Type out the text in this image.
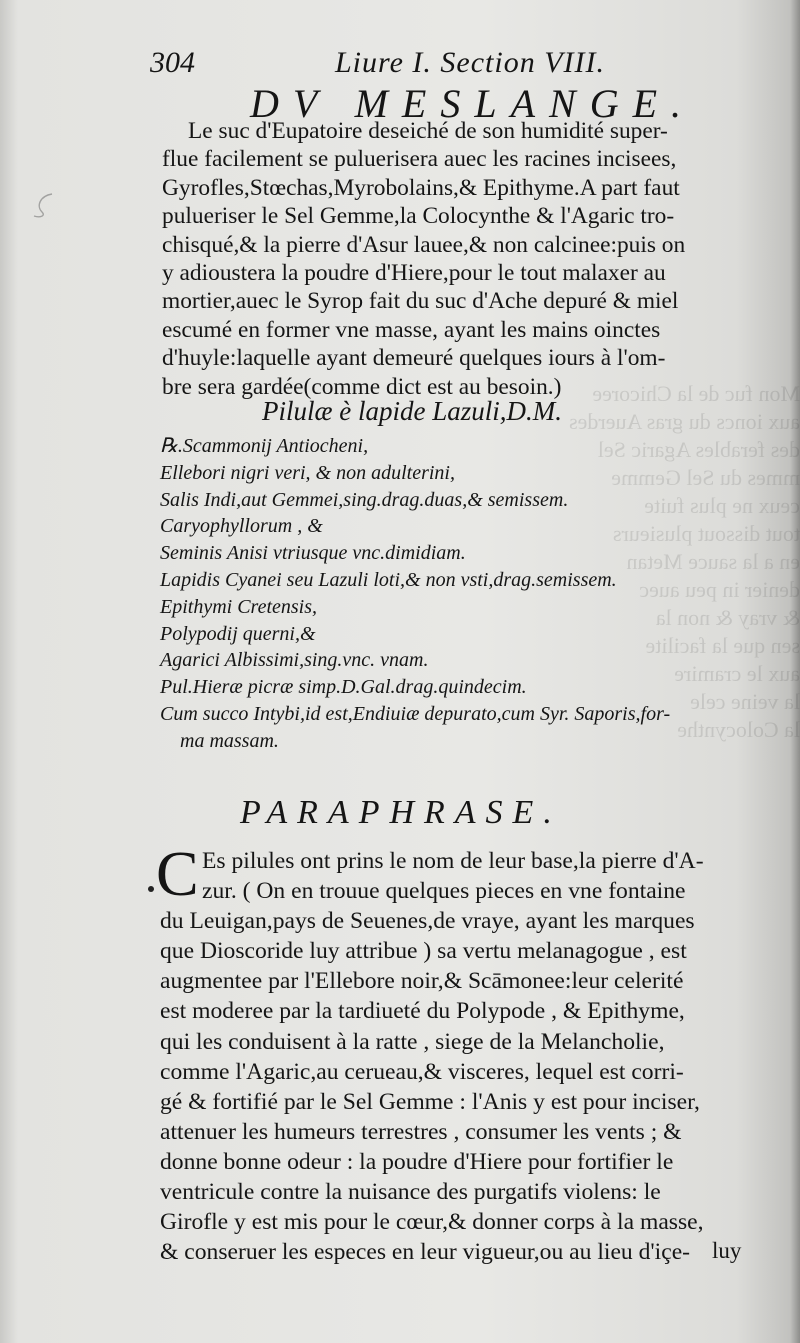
Mon fuc de la Chicoree
aux ioncs du gras Auerdes
des ferables Agaric Sel
mmes du Sel Gemme
ceux ne plus fuite
tout dissout plusieurs
en a la sauce Metan
denier in peu auec
& vray & non la
sen que la facilite
aux le cramire
la veine cele
la Colocynthe
304	Liure I. Section VIII.
DV MESLANGE.
Le suc d'Eupatoire deseiché de son humidité super-
flue facilement se puluerisera auec les racines incisees,
Gyrofles,Stœchas,Myrobolains,& Epithyme.A part faut
puluerisеr le Sel Gemme,la Colocynthe & l'Agaric tro-
chisqué,& la pierre d'Asur lauee,& non calcinee:puis on
y adioustera la poudre d'Hiere,pour le tout malaxer au
mortier,auec le Syrop fait du suc d'Ache depuré & miel
escumé en former vne masse, ayant les mains oinctes
d'huyle:laquelle ayant demeuré quelques iours à l'om-
bre sera gardée(comme dict est au besoin.)
Pilulæ è lapide Lazuli,D.M.
℞.Scammonij Antiocheni,
Ellebori nigri veri, & non adulterini,
Salis Indi,aut Gemmei,sing.drag.duas,& semissem.
Caryophyllorum , &
Seminis Anisi vtriusque vnc.dimidiam.
Lapidis Cyanei seu Lazuli loti,& non vsti,drag.semissem.
Epithymi Cretensis,
Polypodij querni,&
Agarici Albissimi,sing.vnc. vnam.
Pul.Hieræ picræ simp.D.Gal.drag.quindecim.
Cum succo Intybi,id est,Endiuiæ depurato,cum Syr. Saporis,for-
ma massam.
PARAPHRASE.
C Es pilules ont prins le nom de leur base,la pierre d'A-
zur. ( On en trouue quelques pieces en vne fontaine
du Leuigan,pays de Seuenes,de vraye, ayant les marques
que Dioscoride luy attribue ) sa vertu melanagogue , est
augmentee par l'Ellebore noir,& Scāmonee:leur celerité
est moderee par la tardiueté du Polypode , & Epithyme,
qui les conduisent à la ratte , siege de la Melancholie,
comme l'Agaric,au cerueau,& visceres, lequel est corri-
gé & fortifié par le Sel Gemme : l'Anis y est pour inciser,
attenuer les humeurs terrestres , consumer les vents ; &
donne bonne odeur : la poudre d'Hiere pour fortifier le
ventricule contre la nuisance des purgatifs violens: le
Girofle y est mis pour le cœur,& donner corps à la masse,
& conseruer les especes en leur vigueur,ou au lieu d'içe- luy
